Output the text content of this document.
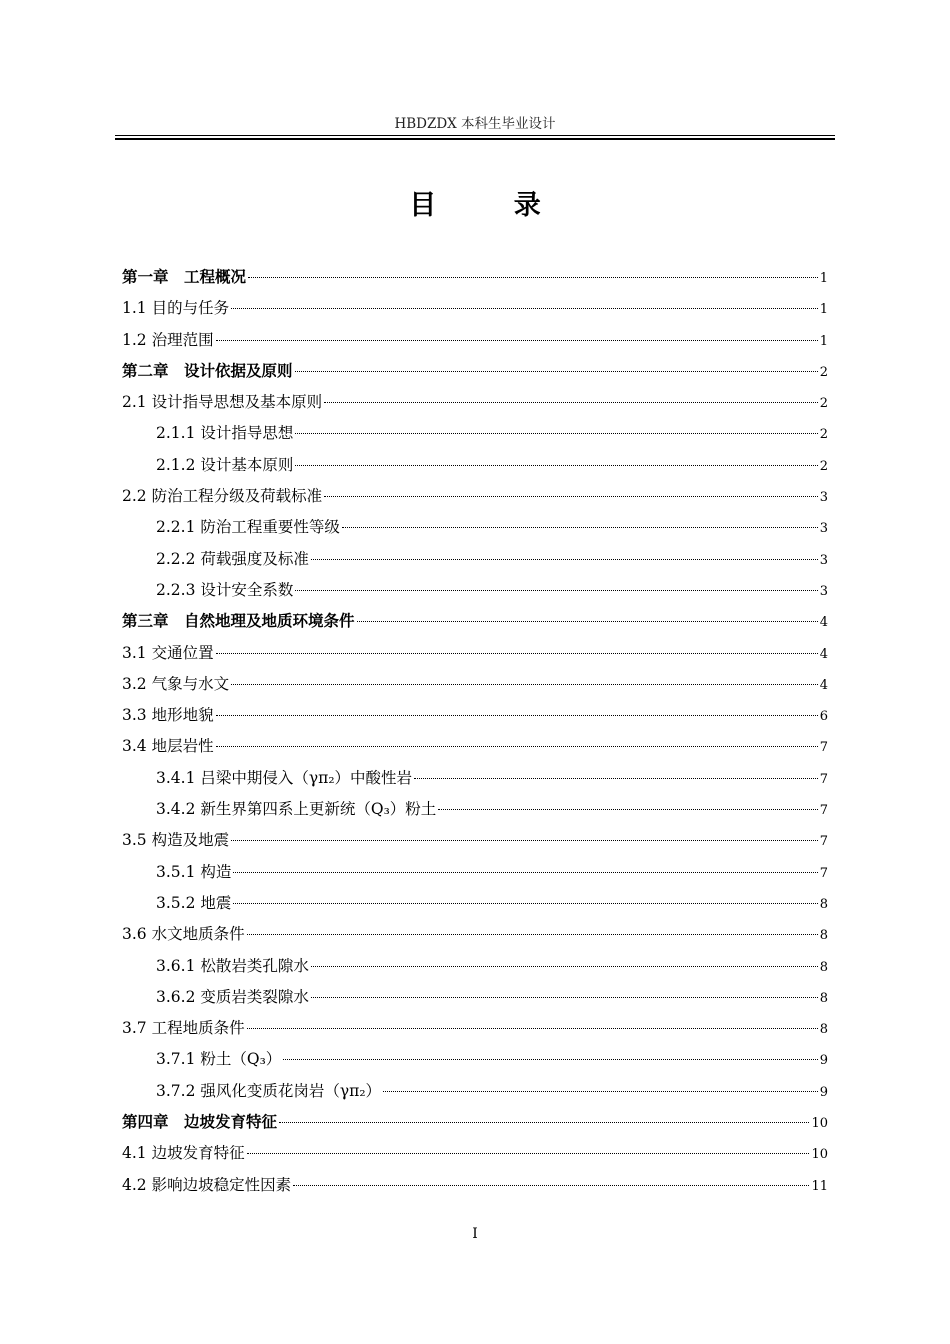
HBDZDX 本科生毕业设计
目 录
第一章　工程概况	1
1.1 目的与任务	1
1.2 治理范围	1
第二章　设计依据及原则	2
2.1 设计指导思想及基本原则	2
2.1.1 设计指导思想	2
2.1.2 设计基本原则	2
2.2 防治工程分级及荷载标准	3
2.2.1 防治工程重要性等级	3
2.2.2 荷载强度及标准	3
2.2.3 设计安全系数	3
第三章　自然地理及地质环境条件	4
3.1 交通位置	4
3.2 气象与水文	4
3.3 地形地貌	6
3.4 地层岩性	7
3.4.1 吕梁中期侵入（γπ₂）中酸性岩	7
3.4.2 新生界第四系上更新统（Q₃）粉土	7
3.5 构造及地震	7
3.5.1 构造	7
3.5.2 地震	8
3.6 水文地质条件	8
3.6.1 松散岩类孔隙水	8
3.6.2 变质岩类裂隙水	8
3.7 工程地质条件	8
3.7.1 粉土（Q₃）	9
3.7.2 强风化变质花岗岩（γπ₂）	9
第四章　边坡发育特征	10
4.1 边坡发育特征	10
4.2 影响边坡稳定性因素	11
I
